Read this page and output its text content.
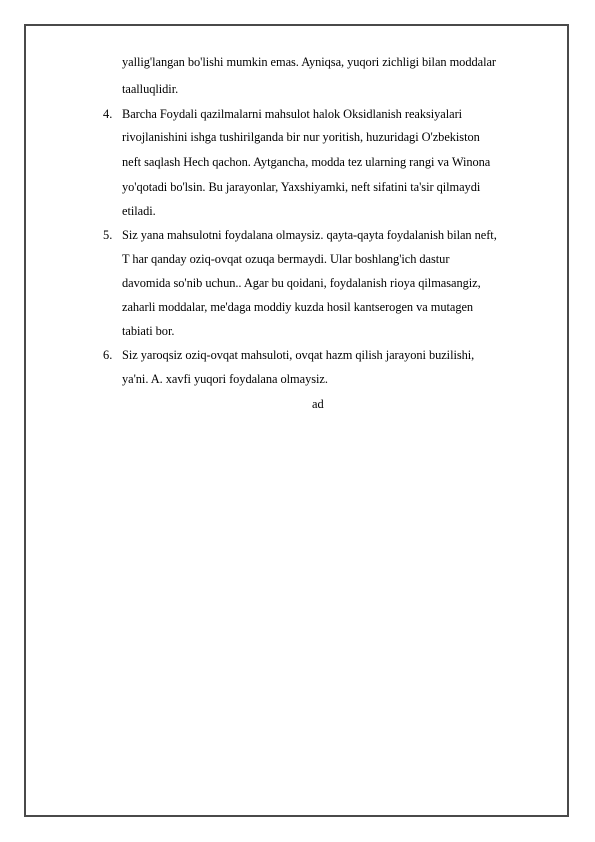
yallig'langan bo'lishi mumkin emas. Ayniqsa, yuqori zichligi bilan moddalar
taalluqlidir.
4. Barcha Foydali qazilmalarni mahsulot halok Oksidlanish reaksiyalari
rivojlanishini ishga tushirilganda bir nur yoritish, huzuridagi O'zbekiston
neft saqlash Hech qachon. Aytgancha, modda tez ularning rangi va Winona
yo'qotadi bo'lsin. Bu jarayonlar, Yaxshiyamki, neft sifatini ta'sir qilmaydi
etiladi.
5. Siz yana mahsulotni foydalana olmaysiz. qayta-qayta foydalanish bilan neft,
T har qanday oziq-ovqat ozuqa bermaydi. Ular boshlang'ich dastur
davomida so'nib uchun.. Agar bu qoidani, foydalanish rioya qilmasangiz,
zaharli moddalar, me'daga moddiy kuzda hosil kantserogen va mutagen
tabiati bor.
6. Siz yaroqsiz oziq-ovqat mahsuloti, ovqat hazm qilish jarayoni buzilishi,
ya'ni. A. xavfi yuqori foydalana olmaysiz.
ad
